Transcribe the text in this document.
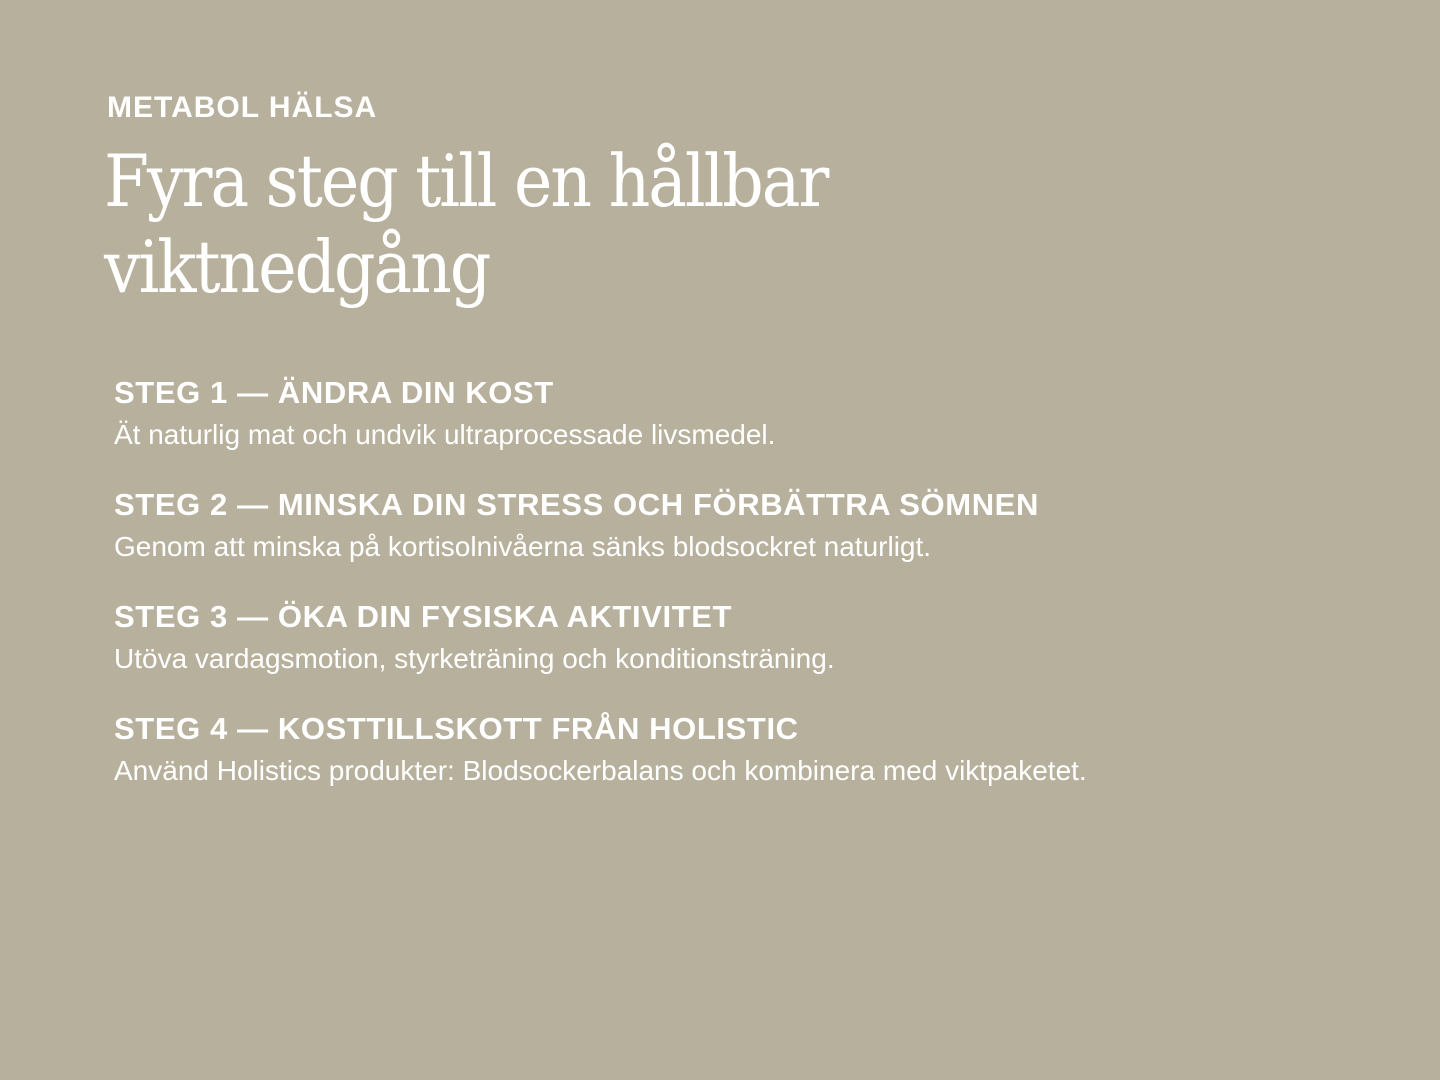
METABOL HÄLSA

Fyra steg till en hållbar
viktnedgång

STEG 1 — ÄNDRA DIN KOST

Ät naturlig mat och undvik ultraprocessade livsmedel.

STEG 2 — MINSKA DIN STRESS OCH FÖRBÄTTRA SÖMNEN

Genom att minska på kortisolnivåerna sänks blodsockret naturligt.

STEG 3 — ÖKA DIN FYSISKA AKTIVITET

Utöva vardagsmotion, styrketräning och konditionsträning.

STEG 4 — KOSTTILLSKOTT FRÅN HOLISTIC

Använd Holistics produkter: Blodsockerbalans och kombinera med viktpaketet.
